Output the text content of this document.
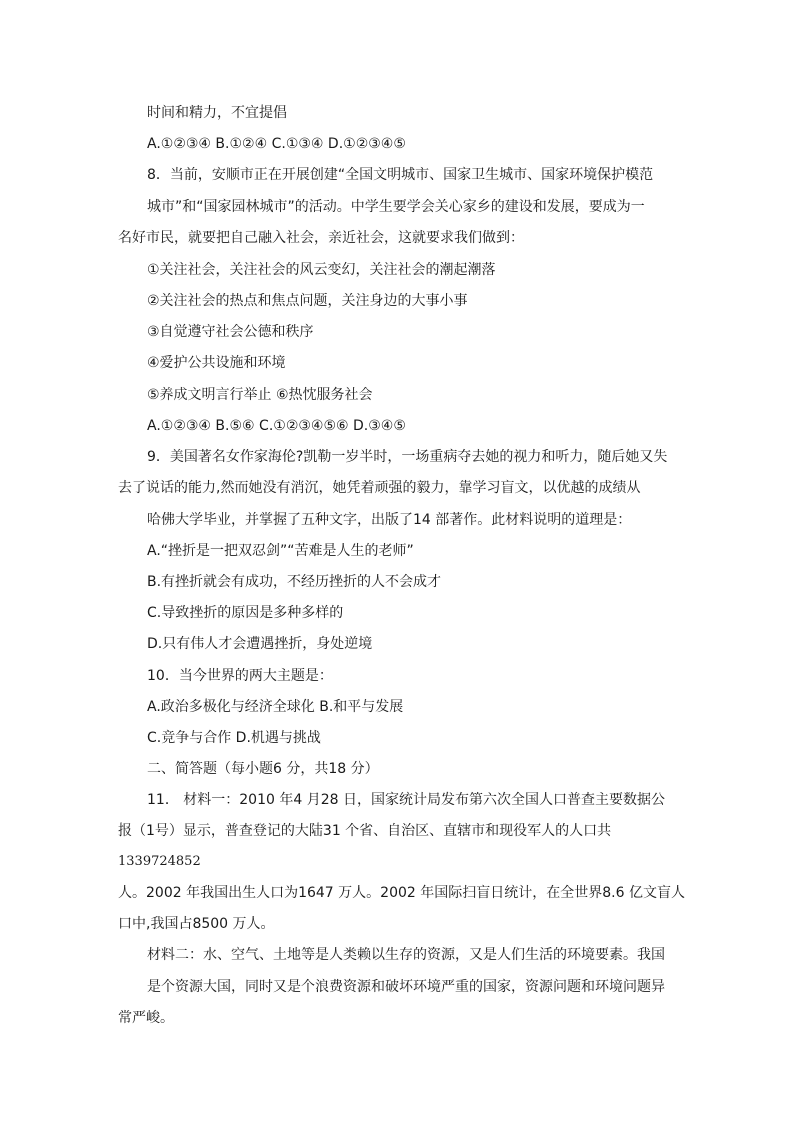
时间和精力，不宜提倡
A.①②③④ B.①②④ C.①③④ D.①②③④⑤
8．当前，安顺市正在开展创建“全国文明城市、国家卫生城市、国家环境保护模范
城市”和“国家园林城市”的活动。中学生要学会关心家乡的建设和发展，要成为一
名好市民，就要把自己融入社会，亲近社会，这就要求我们做到：
①关注社会，关注社会的风云变幻，关注社会的潮起潮落
②关注社会的热点和焦点问题，关注身边的大事小事
③自觉遵守社会公德和秩序
④爱护公共设施和环境
⑤养成文明言行举止 ⑥热忱服务社会
A.①②③④ B.⑤⑥ C.①②③④⑤⑥ D.③④⑤
9．美国著名女作家海伦?凯勒一岁半时，一场重病夺去她的视力和听力，随后她又失
去了说话的能力,然而她没有消沉，她凭着顽强的毅力，靠学习盲文，以优越的成绩从
哈佛大学毕业，并掌握了五种文字，出版了14 部著作。此材料说明的道理是：
A.“挫折是一把双忍剑”“苦难是人生的老师”
B.有挫折就会有成功，不经历挫折的人不会成才
C.导致挫折的原因是多种多样的
D.只有伟人才会遭遇挫折，身处逆境
10．当今世界的两大主题是：
A.政治多极化与经济全球化 B.和平与发展
C.竞争与合作 D.机遇与挑战
二、简答题（每小题6 分，共18 分）
11． 材料一：2010 年4 月28 日，国家统计局发布第六次全国人口普查主要数据公
报（1号）显示，普查登记的大陆31 个省、自治区、直辖市和现役军人的人口共
1339724852
人。2002 年我国出生人口为1647 万人。2002 年国际扫盲日统计，在全世界8.6 亿文盲人
口中,我国占8500 万人。
材料二：水、空气、土地等是人类赖以生存的资源，又是人们生活的环境要素。我国
是个资源大国，同时又是个浪费资源和破坏环境严重的国家，资源问题和环境问题异
常严峻。
